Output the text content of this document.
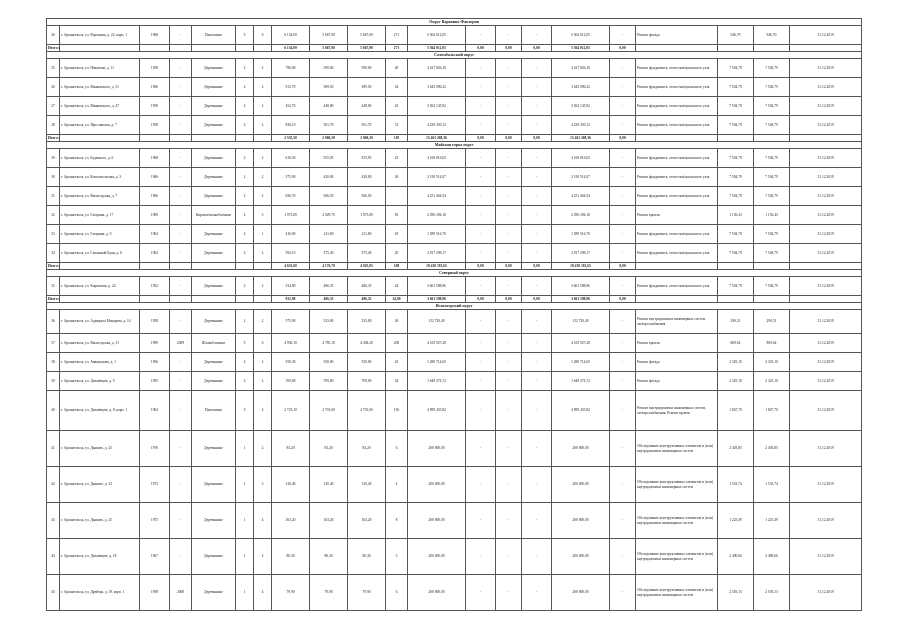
Округ Варавино-Фактория																				
26	г. Архангельск, ул. Воронина, д. 22, корп. 1	1968	-	Панельные	5	6	6 134,00	5 667,00	5 667,00	271	5 364 012,05	-	-	-	5 364 012,05	-	Ремонт фасада	946,70	946,70	31.12.2019
Итого:							6 134,00	5 667,00	5 667,00	271	5 364 012,05	0,00	0,00	0,00	5 364 012,05	0,00				
Соломбальский округ																				
25	г. Архангельск, ул. Никитова, д. 11	1958	-	Деревянные	2	2	790,00	590,00	590,00	40	4 427 826,10	-	-	-	4 427 826,10	-	Ремонт фундамента, отмостки/цокольного узла	7 504,79	7 504,79	31.12.2019
26	г. Архангельск, ул. Маяковского, д. 51	1960	-	Деревянные	2	2	913,70	389,50	389,50	24	3 645 096,22	-	-	-	3 645 096,22	-	Ремонт фундамента, отмостки/цокольного узла	7 504,79	7 504,79	31.12.2019
27	г. Архангельск, ул. Маяковского, д. 47	1959	-	Деревянные	2	2	452,70	448,00	448,00	23	3 362 145,92	-	-	-	3 362 145,92	-	Ремонт фундамента, отмостки/цокольного узла	7 504,79	7 504,79	31.12.2019
28	г. Архангельск, ул. Ярославская, д. 7	1958	-	Деревянные	2	2	836,10	561,70	561,70	31	4 239 450,12	-	-	-	4 239 450,12	-	Ремонт фундамента, отмостки/цокольного узла	7 504,79	7 504,79	31.12.2019
Итого:							2 535,50	2 060,20	2 060,20	118	15 461 268,36	0,00	0,00	0,00	15 461 268,36	0,00				
Майская горка округ																				
29	г. Архангельск, ул. Буденного, д. 6	1968	-	Деревянные	2	2	616,50	555,95	555,95	23	4 168 816,65	-	-	-	4 168 816,65	-	Ремонт фундамента, отмостки/цокольного узла	7 504,79	7 504,79	31.12.2019
30	г. Архангельск, ул. Комсомольская, д. 3	1966	-	Деревянные	2	2	375,00	420,00	420,00	26	3 150 514,07	-	-	-	3 150 514,07	-	Ремонт фундамента, отмостки/цокольного узла	7 504,79	7 504,79	31.12.2019
31	г. Архангельск, ул. Вычегодская, д. 7	1966	-	Деревянные	2	2	656,70	566,50	566,50		4 251 464,54	-	-	-	4 251 464,54	-	Ремонт фундамента, отмостки/цокольного узла	7 504,79	7 504,79	31.12.2019
32	г. Архангельск, ул. Гагарина, д. 17	1969	-	Кирпич/шлакоблочные	4	3	1 973,00	2 029,70	1 973,00	81	2 296 394,10	-	-	-	2 296 394,10	-	Ремонт кровли	1 156,43	1 156,43	31.12.2019
33	г. Архангельск, ул. Гагарина, д. 9	1962	-	Деревянные	2	1	416,90	211,80	211,80	18	1 589 516,70	-	-	-	1 589 516,70	-	Ремонт фундамента, отмостки/цокольного узла	7 504,79	7 504,79	31.12.2019
34	г. Архангельск, ул. Смольный Буян, д. 6	1962	-	Деревянные	2	2	592,10	375,40	375,40	20	2 817 298,17	-	-	-	2 817 298,17	-	Ремонт фундамента, отмостки/цокольного узла	7 504,79	7 504,79	31.12.2019
Итого:							4 633,60	4 176,70	4 025,85	168	18 430 181,65	0,00	0,00	0,00	18 430 181,65	0,00				
Северный округ																				
35	г. Архангельск, ул. Кировская, д. 24	1952	-	Деревянные	2	2	534,90	486,35	486,35	24	3 661 588,96	-	-	-	3 661 588,96	-	Ремонт фундамента, отмостки/цокольного узла	7 504,79	7 504,79	31.12.2019
Итого:							932,90	486,35	486,35	24,00	3 661 588,96	0,00	0,00	0,00	3 661 588,96	0,00				
Исакогорский округ																				
36	г. Архангельск, ул. Адмирала Макарова, д. 14	1958	-	Деревянные	2	2	575,90	523,00	523,00	26	152 720,49	-	-	-	152 720,49	-	Ремонт внутридомовых инженерных систем электроснабжения	290,51	290,51	31.12.2019
37	г. Архангельск, ул. Вычегодская, д. 11	1999	2009	Шлакоблочные	5	6	4 930,10	4 785,10	4 494,20	200	4 165 927,28	-	-	-	4 165 927,28	-	Ремонт кровли	869,64	869,64	31.12.2019
38	г. Архангельск, ул. Аввакумова, д. 1	1956	-	Деревянные	2	2	550,30	550,00	550,00	23	1 280 714,65	-	-	-	1 280 714,65	-	Ремонт фасада	2 325,10	2 325,10	31.12.2019
39	г. Архангельск, ул. Дежнёвцев, д. 9	1955	-	Деревянные	2	2	709,00	709,00	709,00	24	1 648 374,72	-	-	-	1 648 374,72	-	Ремонт фасада	2 325,10	2 325,10	31.12.2019
40	г. Архангельск, ул. Дежнёвцев, д. 8, корп. 1	1962	-	Панельные	5	4	2 723,10	2 701,60	2 701,60	156	4 989 455,82	-	-	-	4 989 455,82	-	Ремонт внутридомовых инженерных систем, электроснабжения; Ремонт кровли	1 847,70	1 847,70	31.12.2019
41	г. Архангельск, ул. Дьяково, д. 23	1976	-	Деревянные	1	2	83,20	83,20	83,20	6	200 000,00	-	-	-	200 000,00	-	Обследование конструктивных элементов и (или) внутридомовых инженерных систем	2 403,85	2 403,85	31.12.2019
42	г. Архангельск, ул. Дьяково, д. 33	1972	-	Деревянные	1	3	130,40	130,40	130,40	4	200 000,00	-	-	-	200 000,00	-	Обследование конструктивных элементов и (или) внутридомовых инженерных систем	1 533,74	1 533,74	31.12.2019
43	г. Архангельск, ул. Дьяково, д. 25	1975	-	Деревянные	1	4	163,20	163,20	163,20	8	200 000,00	-	-	-	200 000,00	-	Обследование конструктивных элементов и (или) внутридомовых инженерных систем	1 225,49	1 225,49	31.12.2019
44	г. Архангельск, ул. Дежнёвцев, д. 18	1967	-	Деревянные	1	4	80,30	80,30	80,30	3	200 000,00	-	-	-	200 000,00	-	Обследование конструктивных элементов и (или) внутридомовых инженерных систем	2 490,66	2 490,66	31.12.2019
45	г. Архангельск, ул. Дрейера, д. 19, корп. 1	1958	2008	Деревянные	1	4	79,90	79,90	79,90	6	200 000,00	-	-	-	200 000,00	-	Обследование конструктивных элементов и (или) внутридомовых инженерных систем	2 503,13	2 503,13	31.12.2019
